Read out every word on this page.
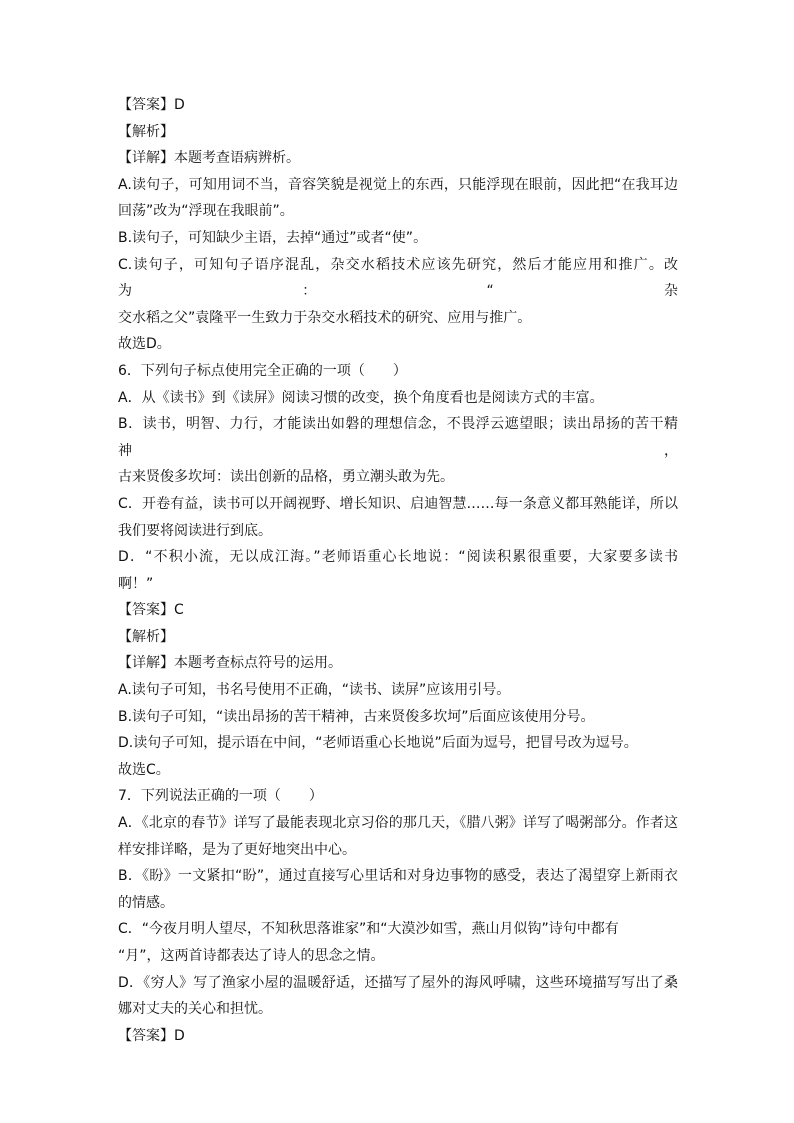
【答案】D
【解析】
【详解】本题考查语病辨析。
A.读句子，可知用词不当，音容笑貌是视觉上的东西，只能浮现在眼前，因此把“在我耳边
回荡”改为“浮现在我眼前”。
B.读句子，可知缺少主语，去掉“通过”或者“使”。
C.读句子，可知句子语序混乱，杂交水稻技术应该先研究，然后才能应用和推广。改为：“杂
交水稻之父”袁隆平一生致力于杂交水稻技术的研究、应用与推广。
故选D。
6．下列句子标点使用完全正确的一项（　　）
A．从《读书》到《读屏》阅读习惯的改变，换个角度看也是阅读方式的丰富。
B．读书，明智、力行，才能读出如磐的理想信念，不畏浮云遮望眼；读出昂扬的苦干精神，
古来贤俊多坎坷：读出创新的品格，勇立潮头敢为先。
C．开卷有益，读书可以开阔视野、增长知识、启迪智慧……每一条意义都耳熟能详，所以
我们要将阅读进行到底。
D．“不积小流，无以成江海。”老师语重心长地说：“阅读积累很重要，大家要多读书
啊！”
【答案】C
【解析】
【详解】本题考查标点符号的运用。
A.读句子可知，书名号使用不正确，“读书、读屏”应该用引号。
B.读句子可知，“读出昂扬的苦干精神，古来贤俊多坎坷”后面应该使用分号。
D.读句子可知，提示语在中间，“老师语重心长地说”后面为逗号，把冒号改为逗号。
故选C。
7．下列说法正确的一项（　　）
A．《北京的春节》详写了最能表现北京习俗的那几天，《腊八粥》详写了喝粥部分。作者这
样安排详略，是为了更好地突出中心。
B．《盼》一文紧扣“盼”，通过直接写心里话和对身边事物的感受，表达了渴望穿上新雨衣
的情感。
C．“今夜月明人望尽，不知秋思落谁家”和“大漠沙如雪，燕山月似钩”诗句中都有
“月”，这两首诗都表达了诗人的思念之情。
D．《穷人》写了渔家小屋的温暖舒适，还描写了屋外的海风呼啸，这些环境描写写出了桑
娜对丈夫的关心和担忧。
【答案】D
